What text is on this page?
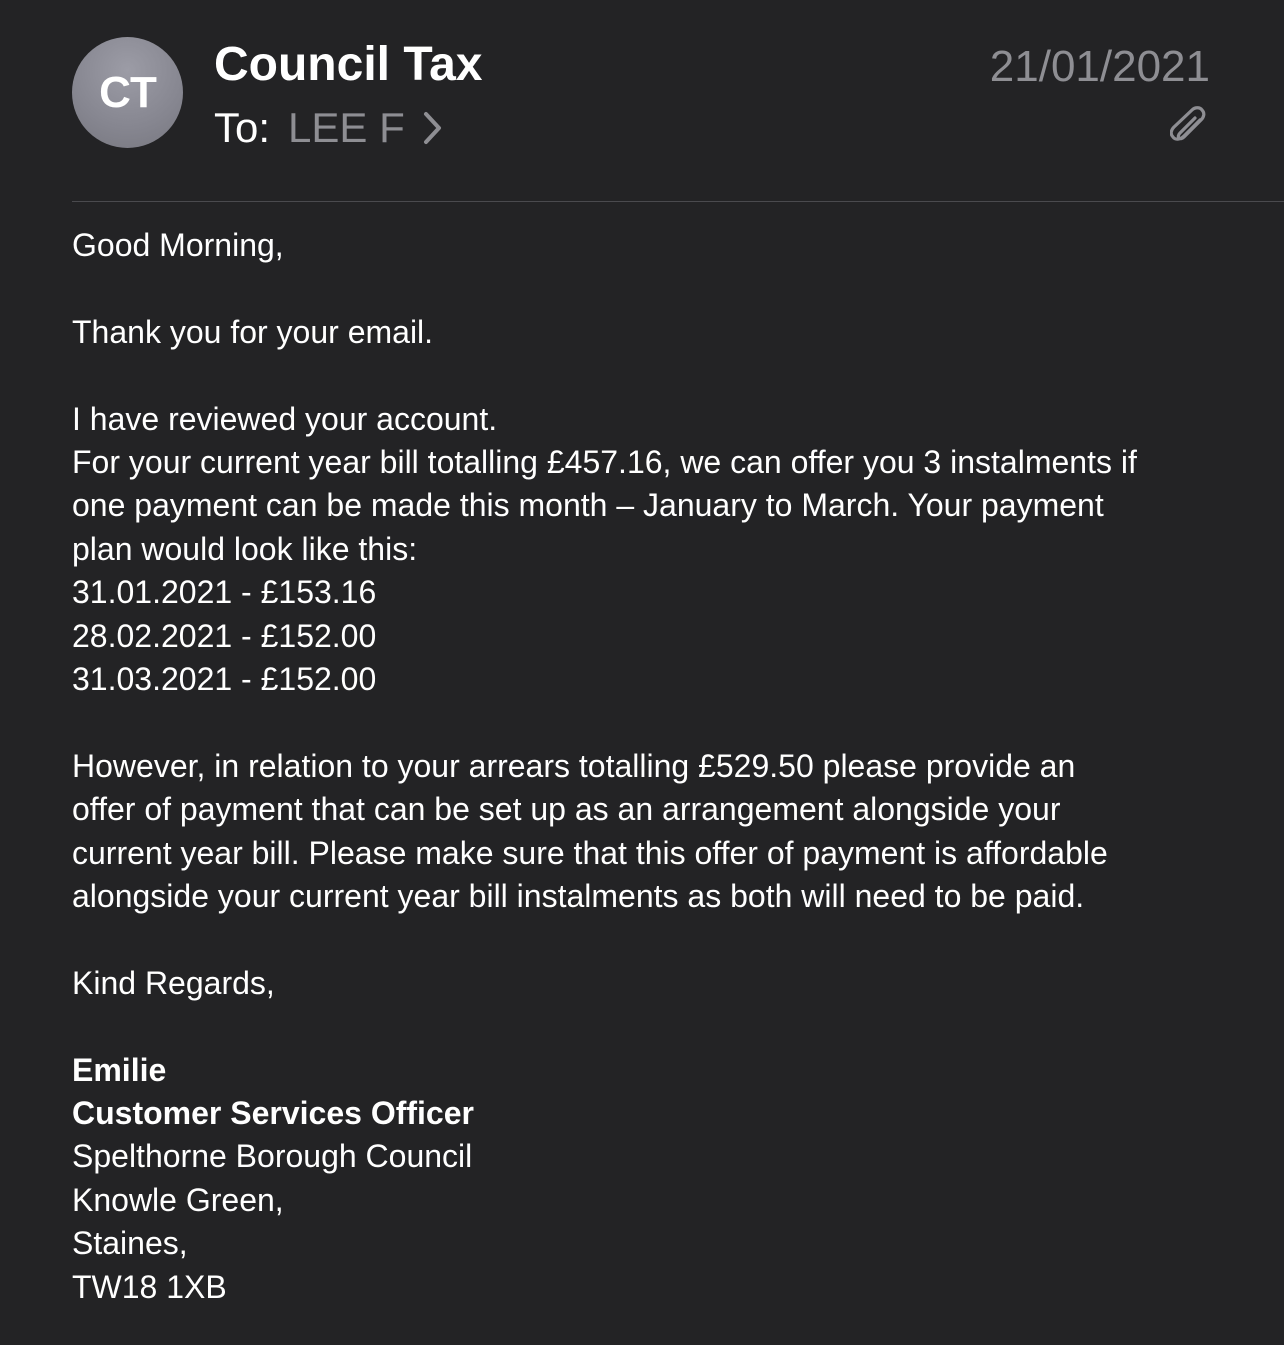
CT
Council Tax
To: LEE F
21/01/2021

Good Morning,

Thank you for your email.

I have reviewed your account.

For your current year bill totalling £457.16, we can offer you 3 instalments if

one payment can be made this month – January to March. Your payment

plan would look like this:

31.01.2021 - £153.16

28.02.2021 - £152.00

31.03.2021 - £152.00

However, in relation to your arrears totalling £529.50 please provide an

offer of payment that can be set up as an arrangement alongside your

current year bill. Please make sure that this offer of payment is affordable

alongside your current year bill instalments as both will need to be paid.

Kind Regards,

Emilie

Customer Services Officer

Spelthorne Borough Council

Knowle Green,

Staines,

TW18 1XB
